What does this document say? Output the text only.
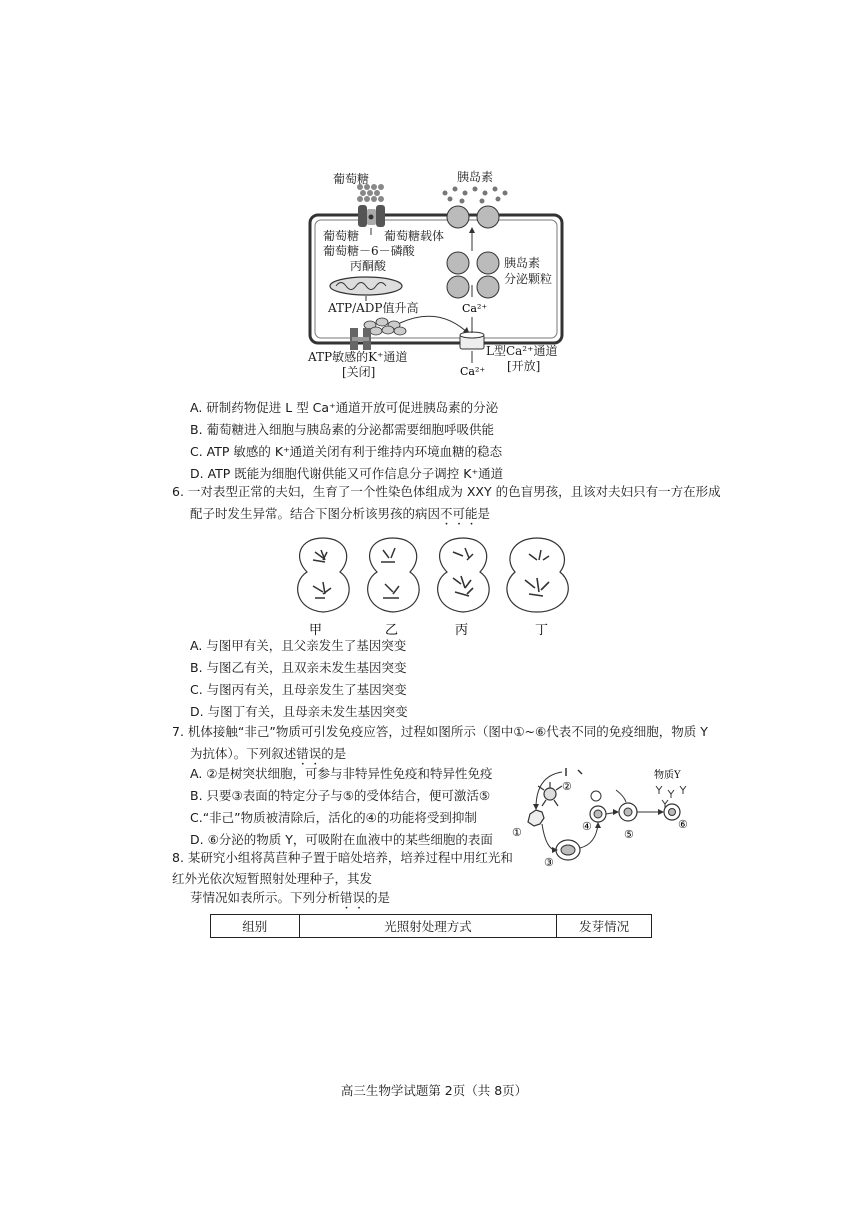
葡萄糖 葡萄糖载体
葡萄糖－6－磷酸
丙酮酸
ATP/ADP值升高
ATP敏感的K⁺通道
[关闭]	Ca²⁺
L型Ca²⁺通道
[开放]
Ca²⁺
胰岛素
分泌颗粒
胰岛素
葡萄糖
A. 研制药物促进 L 型 Ca⁺通道开放可促进胰岛素的分泌
B. 葡萄糖进入细胞与胰岛素的分泌都需要细胞呼吸供能
C. ATP 敏感的 K⁺通道关闭有利于维持内环境血糖的稳态
D. ATP 既能为细胞代谢供能又可作信息分子调控 K⁺通道
6. 一对表型正常的夫妇，生育了一个性染色体组成为 XXY 的色盲男孩，且该对夫妇只有一方在形成
配子时发生异常。结合下图分析该男孩的病因不可能是
甲	乙	丙	丁
A. 与图甲有关，且父亲发生了基因突变
B. 与图乙有关，且双亲未发生基因突变
C. 与图丙有关，且母亲发生了基因突变
D. 与图丁有关，且母亲未发生基因突变
7. 机体接触“非己”物质可引发免疫应答，过程如图所示（图中①~⑥代表不同的免疫细胞，物质 Y
为抗体）。下列叙述错误的是
A. ②是树突状细胞，可参与非特异性免疫和特异性免疫
B. 只要③表面的特定分子与⑤的受体结合，便可激活⑤
C.“非己”物质被清除后，活化的④的功能将受到抑制
D. ⑥分泌的物质 Y，可吸附在血液中的某些细胞的表面 ①
②
③
④
⑤
⑥
物质Y
8. 某研究小组将莴苣种子置于暗处培养，培养过程中用红光和
红外光依次短暂照射处理种子，其发
芽情况如表所示。下列分析错误的是
组别	光照射处理方式	发芽情况
高三生物学试题第 2页（共 8页）
